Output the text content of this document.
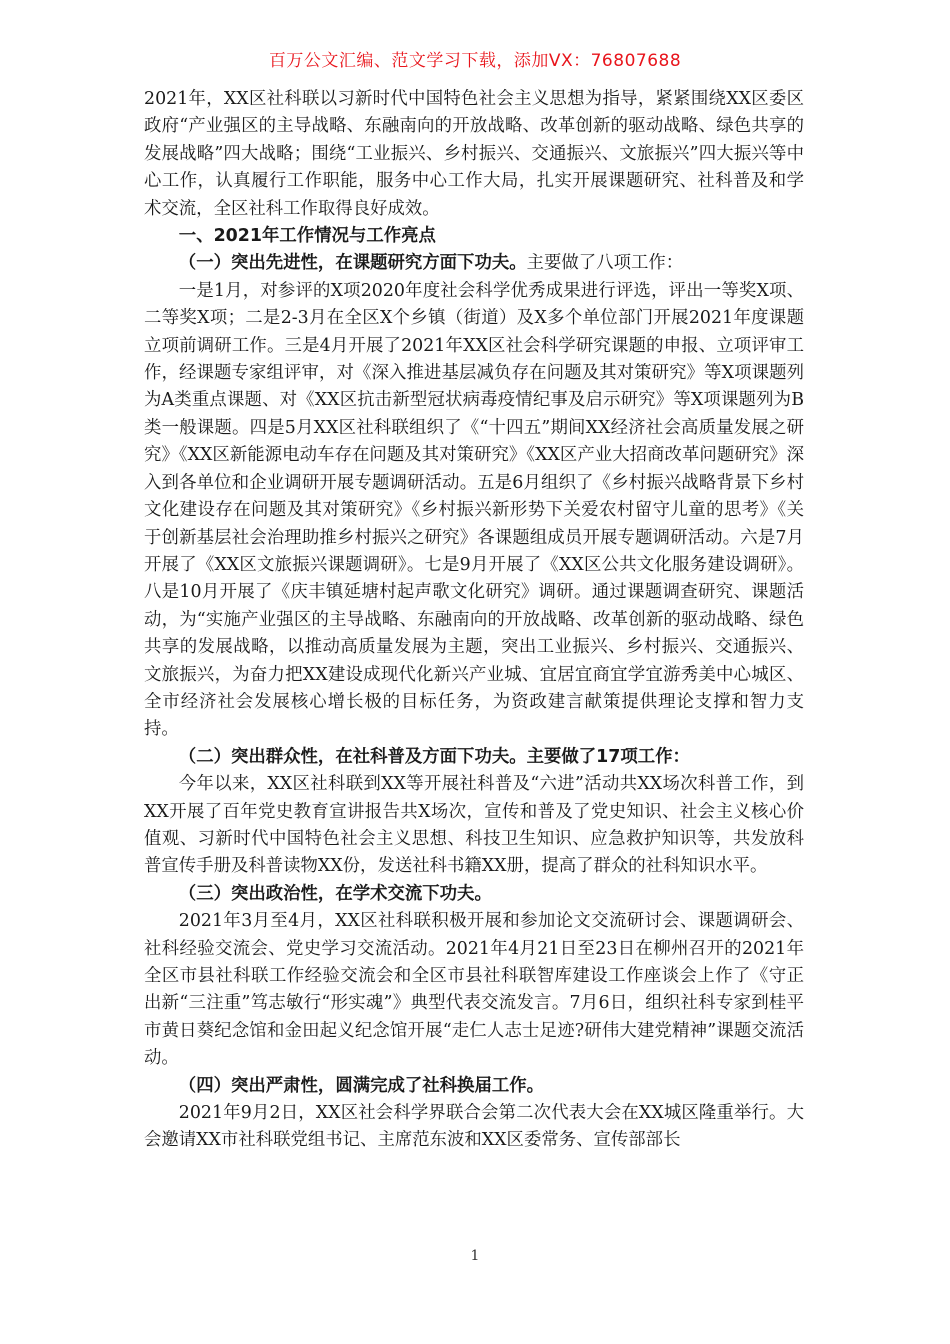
百万公文汇编、范文学习下载，添加VX：76807688

2021年，XX区社科联以习新时代中国特色社会主义思想为指导，紧紧围绕XX区委区政府“产业强区的主导战略、东融南向的开放战略、改革创新的驱动战略、绿色共享的发展战略”四大战略；围绕“工业振兴、乡村振兴、交通振兴、文旅振兴”四大振兴等中心工作，认真履行工作职能，服务中心工作大局，扎实开展课题研究、社科普及和学术交流，全区社科工作取得良好成效。

一、2021年工作情况与工作亮点

（一）突出先进性，在课题研究方面下功夫。主要做了八项工作：

一是1月，对参评的X项2020年度社会科学优秀成果进行评选，评出一等奖X项、二等奖X项；二是2-3月在全区X个乡镇（街道）及X多个单位部门开展2021年度课题立项前调研工作。三是4月开展了2021年XX区社会科学研究课题的申报、立项评审工作，经课题专家组评审，对《深入推进基层减负存在问题及其对策研究》等X项课题列为A类重点课题、对《XX区抗击新型冠状病毒疫情纪事及启示研究》等X项课题列为B类一般课题。四是5月XX区社科联组织了《“十四五”期间XX经济社会高质量发展之研究》《XX区新能源电动车存在问题及其对策研究》《XX区产业大招商改革问题研究》深入到各单位和企业调研开展专题调研活动。五是6月组织了《乡村振兴战略背景下乡村文化建设存在问题及其对策研究》《乡村振兴新形势下关爱农村留守儿童的思考》《关于创新基层社会治理助推乡村振兴之研究》各课题组成员开展专题调研活动。六是7月开展了《XX区文旅振兴课题调研》。七是9月开展了《XX区公共文化服务建设调研》。八是10月开展了《庆丰镇延塘村起声歌文化研究》调研。通过课题调查研究、课题活动，为“实施产业强区的主导战略、东融南向的开放战略、改革创新的驱动战略、绿色共享的发展战略，以推动高质量发展为主题，突出工业振兴、乡村振兴、交通振兴、文旅振兴，为奋力把XX建设成现代化新兴产业城、宜居宜商宜学宜游秀美中心城区、全市经济社会发展核心增长极的目标任务，为资政建言献策提供理论支撑和智力支持。

（二）突出群众性，在社科普及方面下功夫。主要做了17项工作：

今年以来，XX区社科联到XX等开展社科普及“六进”活动共XX场次科普工作，到XX开展了百年党史教育宣讲报告共X场次，宣传和普及了党史知识、社会主义核心价值观、习新时代中国特色社会主义思想、科技卫生知识、应急救护知识等，共发放科普宣传手册及科普读物XX份，发送社科书籍XX册，提高了群众的社科知识水平。

（三）突出政治性，在学术交流下功夫。

2021年3月至4月，XX区社科联积极开展和参加论文交流研讨会、课题调研会、社科经验交流会、党史学习交流活动。2021年4月21日至23日在柳州召开的2021年全区市县社科联工作经验交流会和全区市县社科联智库建设工作座谈会上作了《守正出新“三注重”笃志敏行“形实魂”》典型代表交流发言。7月6日，组织社科专家到桂平市黄日葵纪念馆和金田起义纪念馆开展“走仁人志士足迹?研伟大建党精神”课题交流活动。

（四）突出严肃性，圆满完成了社科换届工作。

2021年9月2日，XX区社会科学界联合会第二次代表大会在XX城区隆重举行。大会邀请XX市社科联党组书记、主席范东波和XX区委常务、宣传部部长

1
